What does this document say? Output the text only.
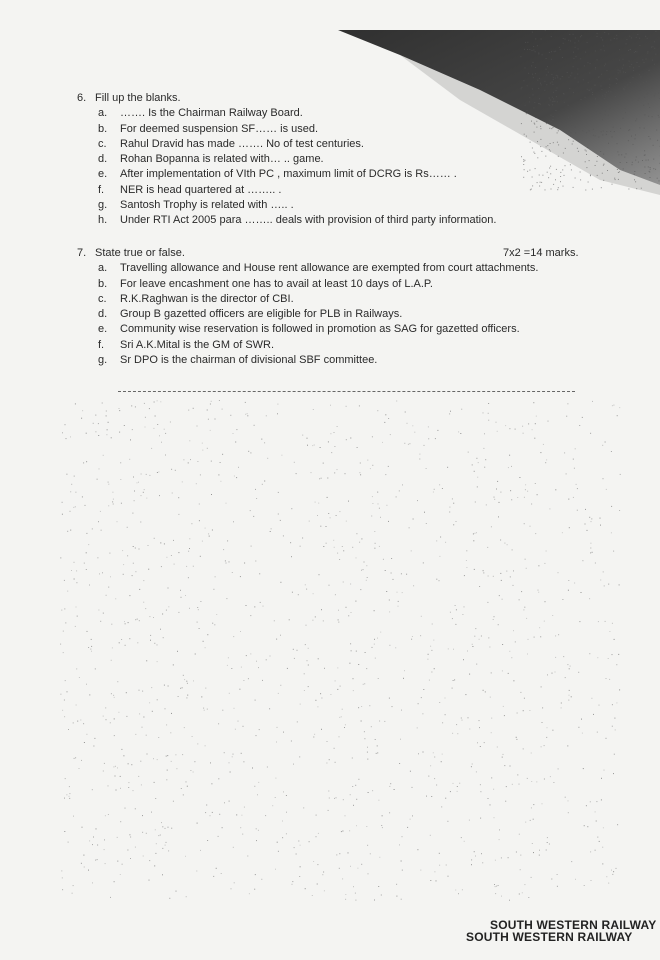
6. Fill up the blanks.
a. ……. Is the Chairman Railway Board.
b. For deemed suspension SF…… is used.
c. Rahul Dravid has made ……. No of test centuries.
d. Rohan Bopanna is related with… .. game.
e. After implementation of VIth PC , maximum limit of DCRG is Rs…… .
f. NER is head quartered at …….. .
g. Santosh Trophy is related with ….. .
h. Under RTI Act 2005 para …….. deals with provision of third party information.
7. State true or false.	7x2 =14 marks.
a. Travelling allowance and House rent allowance are exempted from court attachments.
b. For leave encashment one has to avail at least 10 days of L.A.P.
c. R.K.Raghwan is the director of CBI.
d. Group B gazetted officers are eligible for PLB in Railways.
e. Community wise reservation is followed in promotion as SAG for gazetted officers.
f. Sri A.K.Mital is the GM of SWR.
g. Sr DPO is the chairman of divisional SBF committee.
SOUTH WESTERN RAILWAY
SOUTH WESTERN RAILWAY
